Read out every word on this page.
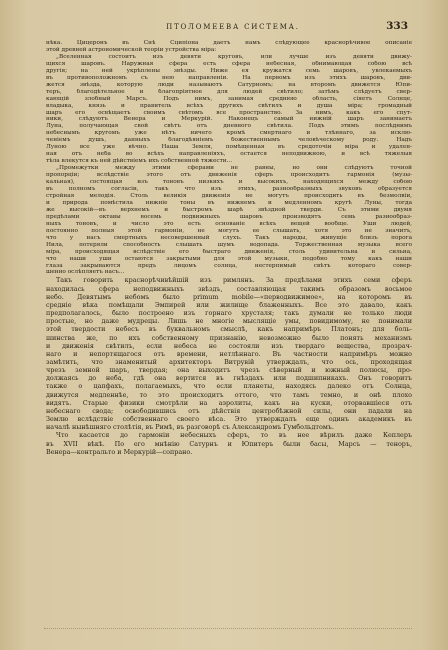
ПТОЛОМЕЕВА СИСТЕМА.	333
нѣка. Цицеронъ въ Снѣ Сципіона даетъ намъ слѣдующее краснорѣчивое описаніе
этой древней астрономической теоріи устройства міра:
„Вселенная состоитъ изъ девяти круговъ, или лучше изъ девяти движу-
щихся шаровъ. Наружная сфера есть сфера небесная, обнимающая собою всѣ
другія; на ней укрѣплены звѣзды. Ниже ея кружатся семь шаровъ, увлекаемыхъ
въ противоположномъ съ нею направленіи. На первомъ изъ этихъ шаровъ, дви-
жется звѣзда, которую люди называютъ Сатурномъ; на второмъ движется Юпи-
теръ, благодѣтельное и благопріятное для людей свѣтило; затѣмъ слѣдуетъ свер-
кающій злобный Марсъ. Подъ нимъ, занимая среднюю область, сіяетъ Солнце,
владыка, князь и правитель всѣхъ другихъ свѣтилъ и душа міра; громадный
шаръ его освѣщаетъ своимъ свѣтомъ все пространство. За нимъ, какъ его спут-
ники, слѣдуютъ Венера и Меркурій. Наконецъ самый нижній шаръ занимаетъ
Луна, получающая свой свѣтъ отъ дневного свѣтила. Подъ этимъ послѣднимъ
небеснымъ кругомъ уже нѣтъ ничего кромѣ смертнаго и тлѣннаго, за исклю-
ченіемъ душъ, данныхъ благодѣяніемъ божественнымъ человѣческому роду. Надъ
Луною все уже вѣчно. Наша Земля, помѣщенная въ средоточіи міра и удален-
ная отъ неба во всѣхъ направленіяхъ, остается неподвижною, и всѣ тяжелыя
тѣла влекутся къ ней дѣйствіемъ ихъ собственной тяжести...
„Промежутки между этими сферами не равны, но они слѣдуютъ точной
пропорціи; вслѣдствіе этого отъ движенія сферъ происходитъ гармонія (музы-
кальная), состоящая изъ тоновъ низкихъ и высокихъ, находящихся между собою
въ полномъ согласіи, такъ что изъ этихъ, разнообразныхъ звуковъ образуется
стройная мелодія. Столь великія движенія не могутъ происходить въ безмолвіи,
и природа помѣстила нижніе тоны въ нижнемъ и медленномъ кругѣ Луны, тогда
же высокій—въ верхнемъ и быстромъ шарѣ звѣздной тверди. Съ этими двумя
предѣлами октавы восемь подвижныхъ шаровъ производятъ семь разнообраз-
ныхъ тоновъ, и число это есть основаніе всѣхъ вещей вообще. Уши людей,
постоянно полныя этой гармоніи, не могутъ ее слышать, хотя это не значитъ,
что у насъ смертныхъ несовершенный слухъ. Такъ народы, живущіе близъ порога
Нила, потеряли способность слышать шумъ водопада. Торжественная музыка всего
міра, происходящая вслѣдствіе его быстраго движенія, столь удивительна и сильна,
что наши уши остаются закрытыми для этой музыки, подобно тому какъ наши
глаза закрываются предъ лицомъ солнца, нестерпимый свѣтъ котораго совер-
шенно ослѣпляетъ насъ...
Такъ говорить краснорѣчивѣйшій изъ римлянъ. За предѣлами этихъ семи сферъ
находилась сфера неподвижныхъ звѣздъ, составляющая такимъ образомъ восьмое
небо. Девятымъ небомъ было primum mobile—«перводвижимое», на которомъ въ
средніе вѣка помѣщали Эмпирей или жилище блаженныхъ. Все это давало, какъ
предполагалось, было построено изъ горнаго хрусталя; такъ думали не только люди
простые, но даже мудрецы. Лишь не многіе мыслящіе умы, повидимому, не понимали
этой твердости небесъ въ буквальномъ смыслѣ, какъ напримѣръ Платонъ; для боль-
шинства же, по ихъ собственному признанію, невозможно было понять механизмъ
и движенія свѣтилъ, если небеса не состояли изъ твердаго вещества, прозрач-
наго и непортящагося отъ времени, нетлѣннаго. Въ частности напримѣръ можно
замѣтить, что знаменитый архитекторъ Витрувій утверждалъ, что ось, проходящая
чрезъ земной шаръ, твердая; она выходитъ чрезъ сѣверный и южный полюсы, про-
должаясь до неба, гдѣ она вертится въ гнѣздахъ или подшипникахъ. Онъ говоритъ
также о цапфахъ, полагаемыхъ, что если планеты, находясь далеко отъ Солнца,
движутся медленнѣе, то это происходитъ оттого, что тамъ темно, и онѣ плохо
видятъ. Старые физики смотрѣли на аэролиты, какъ на куски, оторвавшіеся отъ
небеснаго свода; освободившись отъ дѣйствія центробѣжной силы, они падали на
Землю вслѣдствіе собственнаго своего вѣса. Это утверждалъ еще одинъ академикъ въ
началѣ нынѣшняго столѣтія, въ Римѣ, въ разговорѣ съ Александромъ Гумбольдтомъ.
Что касается до гармоніи небесныхъ сферъ, то въ нее вѣрилъ даже Кеплеръ
въ XVII вѣкѣ. По его мнѣнію Сатурнъ и Юпитеръ были басы, Марсъ — теноръ,
Венера—контральто и Меркурій—сопрано.
